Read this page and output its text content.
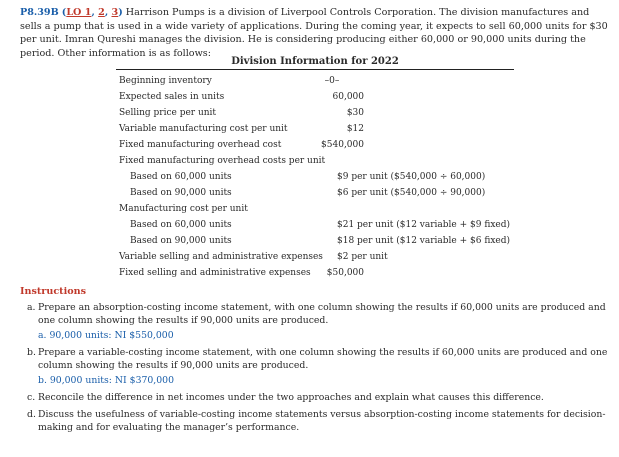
P8.39B (LO 1, 2, 3) Harrison Pumps is a division of Liverpool Controls Corporation. The division manufactures and sells a pump that is used in a wide variety of applications. During the coming year, it expects to sell 60,000 units for $30 per unit. Imran Qureshi manages the division. He is considering producing either 60,000 or 90,000 units during the period. Other information is as follows:
Division Information for 2022
Beginning inventory	–0–
Expected sales in units	60,000
Selling price per unit	$30
Variable manufacturing cost per unit	$12
Fixed manufacturing overhead cost	$540,000
Fixed manufacturing overhead costs per unit
Based on 60,000 units	$9 per unit ($540,000 ÷ 60,000)
Based on 90,000 units	$6 per unit ($540,000 ÷ 90,000)
Manufacturing cost per unit
Based on 60,000 units	$21 per unit ($12 variable + $9 fixed)
Based on 90,000 units	$18 per unit ($12 variable + $6 fixed)
Variable selling and administrative expenses $2 per unit
Fixed selling and administrative expenses	$50,000
Instructions
a. Prepare an absorption-costing income statement, with one column showing the results if 60,000 units are produced and one column showing the results if 90,000 units are produced.
a. 90,000 units: NI $550,000
b. Prepare a variable-costing income statement, with one column showing the results if 60,000 units are produced and one column showing the results if 90,000 units are produced.
b. 90,000 units: NI $370,000
c. Reconcile the difference in net incomes under the two approaches and explain what causes this difference.
d. Discuss the usefulness of variable-costing income statements versus absorption-costing income statements for decision-making and for evaluating the manager’s performance.
